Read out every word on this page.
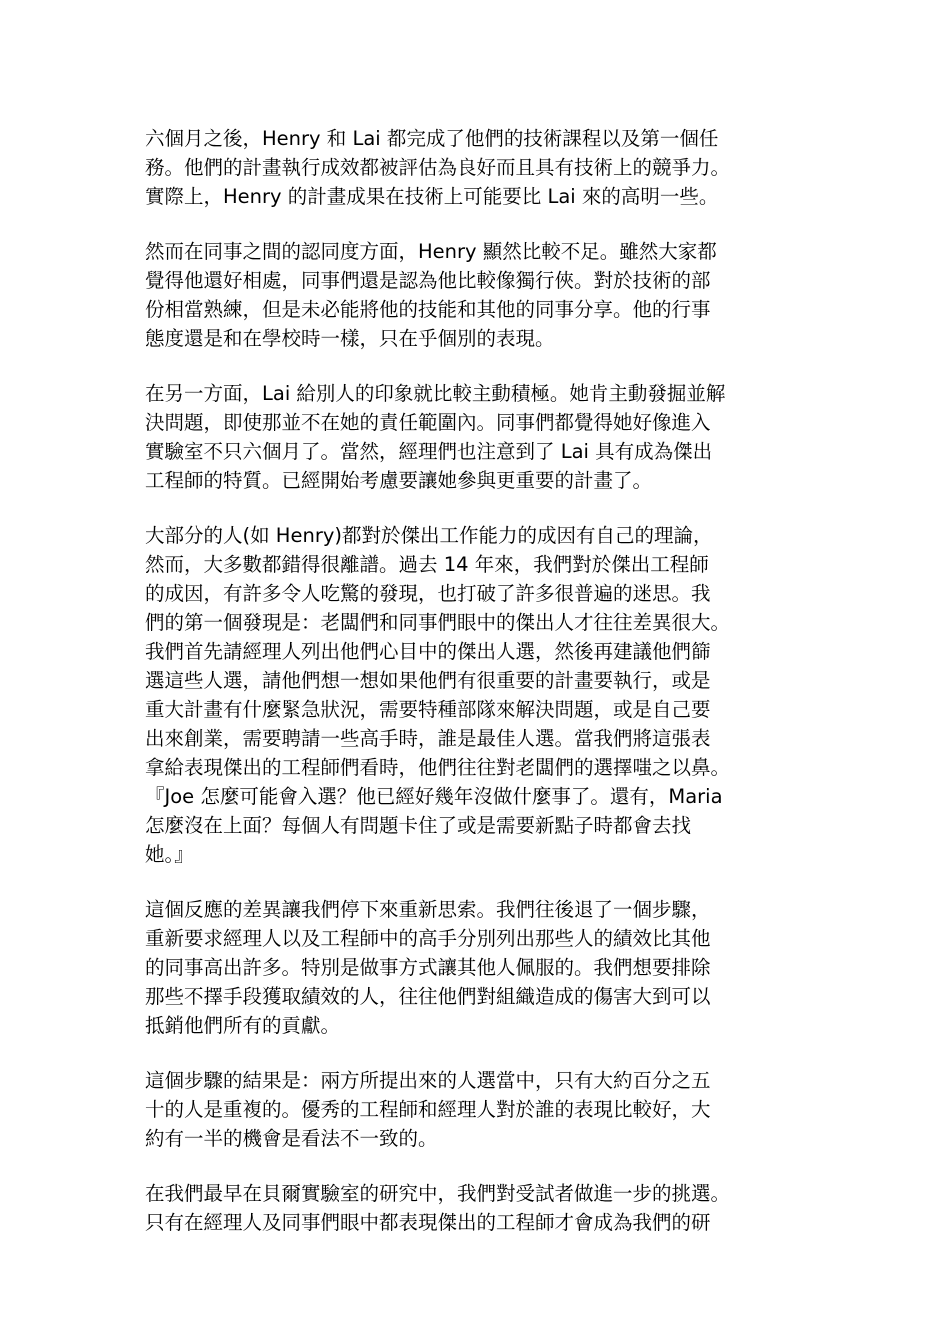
六個月之後，Henry 和 Lai 都完成了他們的技術課程以及第一個任
務。他們的計畫執行成效都被評估為良好而且具有技術上的競爭力。
實際上，Henry 的計畫成果在技術上可能要比 Lai 來的高明一些。
然而在同事之間的認同度方面，Henry 顯然比較不足。雖然大家都
覺得他還好相處，同事們還是認為他比較像獨行俠。對於技術的部
份相當熟練，但是未必能將他的技能和其他的同事分享。他的行事
態度還是和在學校時一樣，只在乎個別的表現。
在另一方面，Lai 給別人的印象就比較主動積極。她肯主動發掘並解
決問題，即使那並不在她的責任範圍內。同事們都覺得她好像進入
實驗室不只六個月了。當然，經理們也注意到了 Lai 具有成為傑出
工程師的特質。已經開始考慮要讓她參與更重要的計畫了。
大部分的人(如 Henry)都對於傑出工作能力的成因有自己的理論，
然而，大多數都錯得很離譜。過去 14 年來，我們對於傑出工程師
的成因，有許多令人吃驚的發現，也打破了許多很普遍的迷思。我
們的第一個發現是：老闆們和同事們眼中的傑出人才往往差異很大。
我們首先請經理人列出他們心目中的傑出人選，然後再建議他們篩
選這些人選，請他們想一想如果他們有很重要的計畫要執行，或是
重大計畫有什麼緊急狀況，需要特種部隊來解決問題，或是自己要
出來創業，需要聘請一些高手時，誰是最佳人選。當我們將這張表
拿給表現傑出的工程師們看時，他們往往對老闆們的選擇嗤之以鼻。
『Joe 怎麼可能會入選？他已經好幾年沒做什麼事了。還有，Maria
怎麼沒在上面？每個人有問題卡住了或是需要新點子時都會去找
她。』
這個反應的差異讓我們停下來重新思索。我們往後退了一個步驟，
重新要求經理人以及工程師中的高手分別列出那些人的績效比其他
的同事高出許多。特別是做事方式讓其他人佩服的。我們想要排除
那些不擇手段獲取績效的人，往往他們對組織造成的傷害大到可以
抵銷他們所有的貢獻。
這個步驟的結果是：兩方所提出來的人選當中，只有大約百分之五
十的人是重複的。優秀的工程師和經理人對於誰的表現比較好，大
約有一半的機會是看法不一致的。
在我們最早在貝爾實驗室的研究中，我們對受試者做進一步的挑選。
只有在經理人及同事們眼中都表現傑出的工程師才會成為我們的研
